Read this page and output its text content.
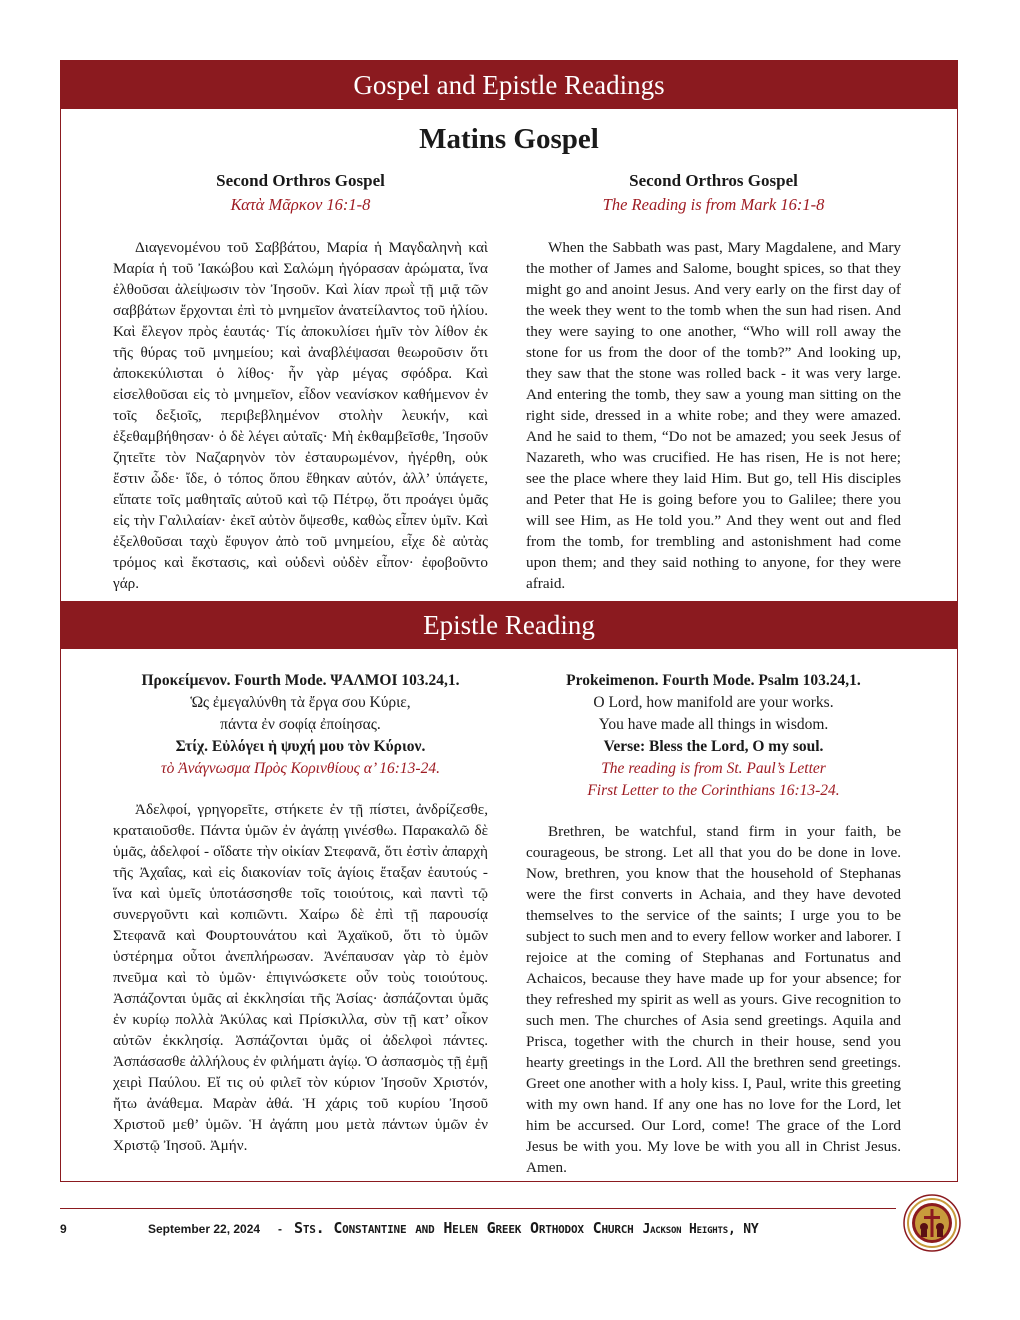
Gospel and Epistle Readings
Matins Gospel
Second Orthros Gospel
Κατὰ Μᾶρκον 16:1-8
Διαγενομένου τοῦ Σαββάτου, Μαρία ἡ Μαγδαληνὴ καὶ Μαρία ἡ τοῦ Ἰακώβου καὶ Σαλώμη ἠγόρασαν ἀρώματα, ἵνα ἐλθοῦσαι ἀλείψωσιν τὸν Ἰησοῦν. Καὶ λίαν πρωῒ τῇ μιᾷ τῶν σαββάτων ἔρχονται ἐπὶ τὸ μνημεῖον ἀνατείλαντος τοῦ ἡλίου. Καὶ ἔλεγον πρὸς ἑαυτάς· Τίς ἀποκυλίσει ἡμῖν τὸν λίθον ἐκ τῆς θύρας τοῦ μνημείου; καὶ ἀναβλέψασαι θεωροῦσιν ὅτι ἀποκεκύλισται ὁ λίθος· ἦν γὰρ μέγας σφόδρα. Καὶ εἰσελθοῦσαι εἰς τὸ μνημεῖον, εἶδον νεανίσκον καθήμενον ἐν τοῖς δεξιοῖς, περιβεβλημένον στολὴν λευκήν, καὶ ἐξεθαμβήθησαν· ὁ δὲ λέγει αὐταῖς· Μὴ ἐκθαμβεῖσθε, Ἰησοῦν ζητεῖτε τὸν Ναζαρηνὸν τὸν ἐσταυρωμένον, ἠγέρθη, οὐκ ἔστιν ὧδε· ἴδε, ὁ τόπος ὅπου ἔθηκαν αὐτόν, ἀλλ’ ὑπάγετε, εἴπατε τοῖς μαθηταῖς αὐτοῦ καὶ τῷ Πέτρῳ, ὅτι προάγει ὑμᾶς εἰς τὴν Γαλιλαίαν· ἐκεῖ αὐτὸν ὄψεσθε, καθὼς εἶπεν ὑμῖν. Καὶ ἐξελθοῦσαι ταχὺ ἔφυγον ἀπὸ τοῦ μνημείου, εἶχε δὲ αὐτὰς τρόμος καὶ ἔκστασις, καὶ οὐδενὶ οὐδὲν εἶπον· ἐφοβοῦντο γάρ.
Second Orthros Gospel
The Reading is from Mark 16:1-8
When the Sabbath was past, Mary Magdalene, and Mary the mother of James and Salome, bought spices, so that they might go and anoint Jesus. And very early on the first day of the week they went to the tomb when the sun had risen. And they were saying to one another, “Who will roll away the stone for us from the door of the tomb?” And looking up, they saw that the stone was rolled back - it was very large. And entering the tomb, they saw a young man sitting on the right side, dressed in a white robe; and they were amazed. And he said to them, “Do not be amazed; you seek Jesus of Nazareth, who was crucified. He has risen, He is not here; see the place where they laid Him. But go, tell His disciples and Peter that He is going before you to Galilee; there you will see Him, as He told you.” And they went out and fled from the tomb, for trembling and astonishment had come upon them; and they said nothing to anyone, for they were afraid.
Epistle Reading
Προκείμενον. Fourth Mode. ΨΑΛΜΟΙ 103.24,1.
Ὡς ἐμεγαλύνθη τὰ ἔργα σου Κύριε,
πάντα ἐν σοφίᾳ ἐποίησας.
Στίχ. Εὐλόγει ἡ ψυχή μου τὸν Κύριον.
τὸ Ἀνάγνωσμα Πρὸς Κορινθίους α’ 16:13-24.
Ἀδελφοί, γρηγορεῖτε, στήκετε ἐν τῇ πίστει, ἀνδρίζεσθε, κραταιοῦσθε. Πάντα ὑμῶν ἐν ἀγάπῃ γινέσθω. Παρακαλῶ δὲ ὑμᾶς, ἀδελφοί - οἴδατε τὴν οἰκίαν Στεφανᾶ, ὅτι ἐστὶν ἀπαρχὴ τῆς Ἀχαΐας, καὶ εἰς διακονίαν τοῖς ἁγίοις ἔταξαν ἑαυτούς - ἵνα καὶ ὑμεῖς ὑποτάσσησθε τοῖς τοιούτοις, καὶ παντὶ τῷ συνεργοῦντι καὶ κοπιῶντι. Χαίρω δὲ ἐπὶ τῇ παρουσίᾳ Στεφανᾶ καὶ Φουρτουνάτου καὶ Ἀχαϊκοῦ, ὅτι τὸ ὑμῶν ὑστέρημα οὗτοι ἀνεπλήρωσαν. Ἀνέπαυσαν γὰρ τὸ ἐμὸν πνεῦμα καὶ τὸ ὑμῶν· ἐπιγινώσκετε οὖν τοὺς τοιούτους. Ἀσπάζονται ὑμᾶς αἱ ἐκκλησίαι τῆς Ἀσίας· ἀσπάζονται ὑμᾶς ἐν κυρίῳ πολλὰ Ἀκύλας καὶ Πρίσκιλλα, σὺν τῇ κατ’ οἶκον αὐτῶν ἐκκλησίᾳ. Ἀσπάζονται ὑμᾶς οἱ ἀδελφοὶ πάντες. Ἀσπάσασθε ἀλλήλους ἐν φιλήματι ἁγίῳ. Ὁ ἀσπασμὸς τῇ ἐμῇ χειρὶ Παύλου. Εἴ τις οὐ φιλεῖ τὸν κύριον Ἰησοῦν Χριστόν, ἤτω ἀνάθεμα. Μαρὰν ἀθά. Ἡ χάρις τοῦ κυρίου Ἰησοῦ Χριστοῦ μεθ’ ὑμῶν. Ἡ ἀγάπη μου μετὰ πάντων ὑμῶν ἐν Χριστῷ Ἰησοῦ. Ἀμήν.
Prokeimenon. Fourth Mode. Psalm 103.24,1.
O Lord, how manifold are your works.
You have made all things in wisdom.
Verse: Bless the Lord, O my soul.
The reading is from St. Paul’s Letter
First Letter to the Corinthians 16:13-24.
Brethren, be watchful, stand firm in your faith, be courageous, be strong. Let all that you do be done in love. Now, brethren, you know that the household of Stephanas were the first converts in Achaia, and they have devoted themselves to the service of the saints; I urge you to be subject to such men and to every fellow worker and laborer. I rejoice at the coming of Stephanas and Fortunatus and Achaicos, because they have made up for your absence; for they refreshed my spirit as well as yours. Give recognition to such men. The churches of Asia send greetings. Aquila and Prisca, together with the church in their house, send you hearty greetings in the Lord. All the brethren send greetings. Greet one another with a holy kiss. I, Paul, write this greeting with my own hand. If any one has no love for the Lord, let him be accursed. Our Lord, come! The grace of the Lord Jesus be with you. My love be with you all in Christ Jesus. Amen.
9	September 22, 2024 - Sts. Constantine and Helen Greek Orthodox Church Jackson Heights, NY
